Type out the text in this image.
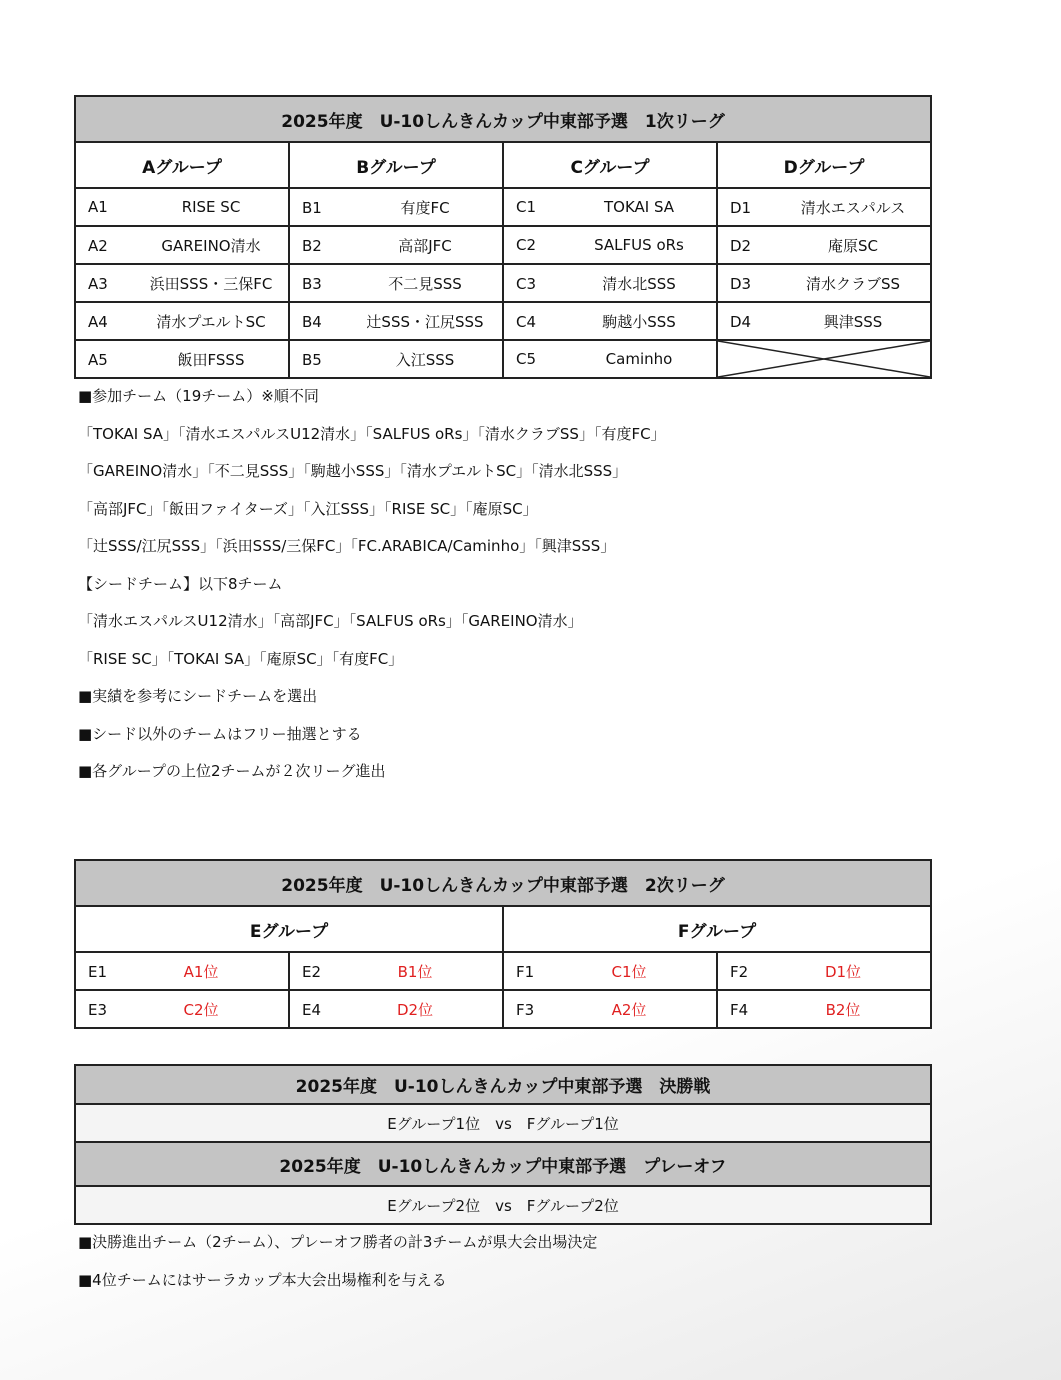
2025年度　U-10しんきんカップ中東部予選　1次リーグ			
Aグループ	Bグループ	Cグループ	Dグループ
A1 RISE SC	B1 有度FC	C1 TOKAI SA	D1 清水エスパルス
A2 GAREINO清水	B2 高部JFC	C2 SALFUS oRs	D2 庵原SC
A3 浜田SSS・三保FC	B3 不二見SSS	C3 清水北SSS	D3 清水クラブSS
A4 清水プエルトSC	B4 辻SSS・江尻SSS	C4 駒越小SSS	D4 興津SSS
A5 飯田FSSS	B5 入江SSS	C5 Caminho	
■参加チーム（19チーム）※順不同
「TOKAI SA」「清水エスパルスU12清水」「SALFUS oRs」「清水クラブSS」「有度FC」
「GAREINO清水」「不二見SSS」「駒越小SSS」「清水プエルトSC」「清水北SSS」
「高部JFC」「飯田ファイターズ」「入江SSS」「RISE SC」「庵原SC」
「辻SSS/江尻SSS」「浜田SSS/三保FC」「FC.ARABICA/Caminho」「興津SSS」
【シードチーム】以下8チーム
「清水エスパルスU12清水」「高部JFC」「SALFUS oRs」「GAREINO清水」
「RISE SC」「TOKAI SA」「庵原SC」「有度FC」
■実績を参考にシードチームを選出
■シード以外のチームはフリー抽選とする
■各グループの上位2チームが２次リーグ進出
2025年度　U-10しんきんカップ中東部予選　2次リーグ			
Eグループ		Fグループ	
E1 A1位	E2 B1位	F1 C1位	F2 D1位
E3 C2位	E4 D2位	F3 A2位	F4 B2位
2025年度　U-10しんきんカップ中東部予選　決勝戦
Eグループ1位　vs　Fグループ1位
2025年度　U-10しんきんカップ中東部予選　プレーオフ
Eグループ2位　vs　Fグループ2位
■決勝進出チーム（2チーム）、プレーオフ勝者の計3チームが県大会出場決定
■4位チームにはサーラカップ本大会出場権利を与える
